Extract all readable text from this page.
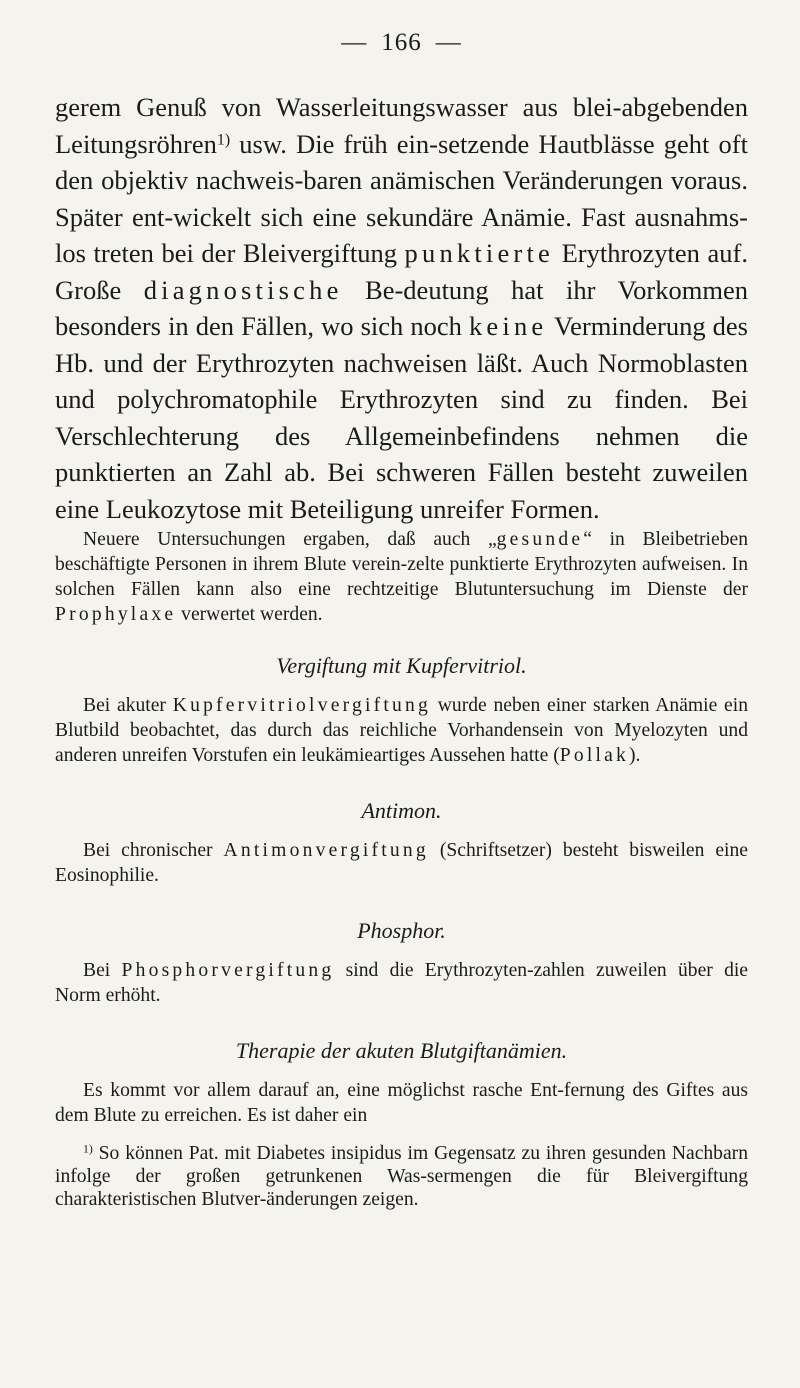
— 166 —

gerem Genuß von Wasserleitungswasser aus blei-abgebenden Leitungsröhren$^{1)}$ usw. Die früh ein-setzende Hautblässe geht oft den objektiv nachweis-baren anämischen Veränderungen voraus. Später ent-wickelt sich eine sekundäre Anämie. Fast ausnahms-los treten bei der Bleivergiftung punktierte Erythrozyten auf. Große diagnostische Be-deutung hat ihr Vorkommen besonders in den Fällen, wo sich noch keine Verminderung des Hb. und der Erythrozyten nachweisen läßt. Auch Normoblasten und polychromatophile Erythrozyten sind zu finden. Bei Verschlechterung des Allgemeinbefindens nehmen die punktierten an Zahl ab. Bei schweren Fällen besteht zuweilen eine Leukozytose mit Beteiligung unreifer Formen.

Neuere Untersuchungen ergaben, daß auch „gesunde“ in Bleibetrieben beschäftigte Personen in ihrem Blute verein-zelte punktierte Erythrozyten aufweisen. In solchen Fällen kann also eine rechtzeitige Blutuntersuchung im Dienste der Prophylaxe verwertet werden.

Vergiftung mit Kupfervitriol.

Bei akuter Kupfervitriolvergiftung wurde neben einer starken Anämie ein Blutbild beobachtet, das durch das reichliche Vorhandensein von Myelozyten und anderen unreifen Vorstufen ein leukämieartiges Aussehen hatte (Pollak).

Antimon.

Bei chronischer Antimonvergiftung (Schriftsetzer) besteht bisweilen eine Eosinophilie.

Phosphor.

Bei Phosphorvergiftung sind die Erythrozyten-zahlen zuweilen über die Norm erhöht.

Therapie der akuten Blutgiftanämien.

Es kommt vor allem darauf an, eine möglichst rasche Ent-fernung des Giftes aus dem Blute zu erreichen. Es ist daher ein

$^{1)}$ So können Pat. mit Diabetes insipidus im Gegensatz zu ihren gesunden Nachbarn infolge der großen getrunkenen Was-sermengen die für Bleivergiftung charakteristischen Blutver-änderungen zeigen.
